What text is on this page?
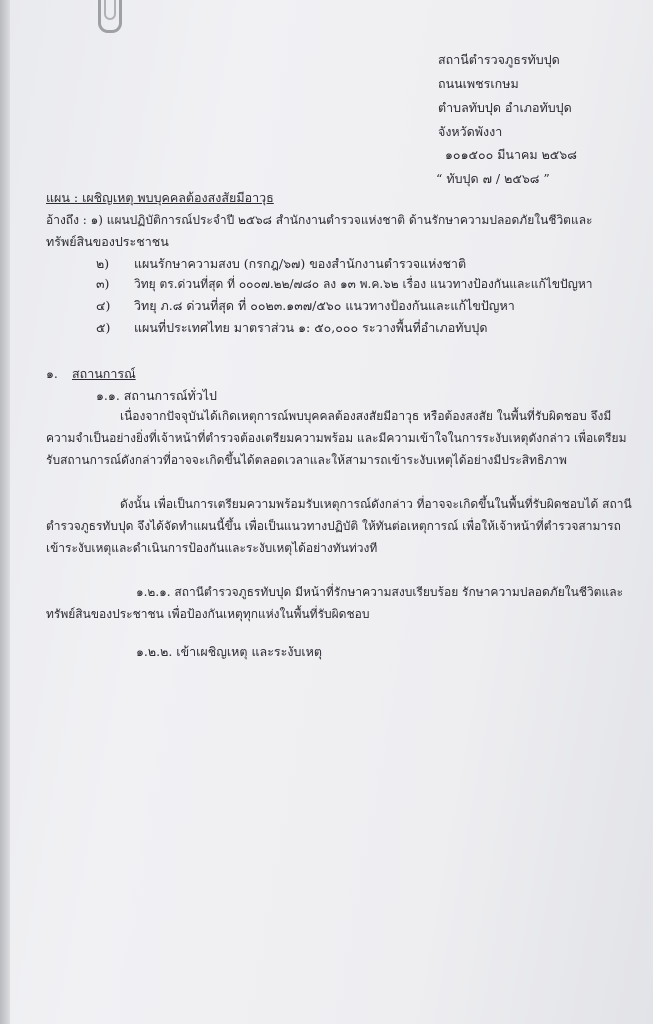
สถานีตำรวจภูธรทับปุด
ถนนเพชรเกษม
ตำบลทับปุด อำเภอทับปุด
จังหวัดพังงา
๑๐๑๕๐๐ มีนาคม ๒๕๖๘
“ ทับปุด ๗ / ๒๕๖๘ ”
แผน : เผชิญเหตุ พบบุคคลต้องสงสัยมีอาวุธ
อ้างถึง : ๑) แผนปฏิบัติการณ์ประจำปี ๒๕๖๘ สำนักงานตำรวจแห่งชาติ ด้านรักษาความปลอดภัยในชีวิตและ
ทรัพย์สินของประชาชน
๒) แผนรักษาความสงบ (กรกฎ/๖๗) ของสำนักงานตำรวจแห่งชาติ
๓) วิทยุ ตร.ด่วนที่สุด ที่ ๐๐๐๗.๒๒/๗๘๐ ลง ๑๓ พ.ค.๖๒ เรื่อง แนวทางป้องกันและแก้ไขปัญหา
๔) วิทยุ ภ.๘ ด่วนที่สุด ที่ ๐๐๒๓.๑๓๗/๕๖๐ แนวทางป้องกันและแก้ไขปัญหา
๕) แผนที่ประเทศไทย มาตราส่วน ๑: ๕๐,๐๐๐ ระวางพื้นที่อำเภอทับปุด
๑. สถานการณ์
๑.๑. สถานการณ์ทั่วไป
เนื่องจากปัจจุบันได้เกิดเหตุการณ์พบบุคคลต้องสงสัยมีอาวุธ หรือต้องสงสัย ในพื้นที่รับผิดชอบ จึงมี
ความจำเป็นอย่างยิ่งที่เจ้าหน้าที่ตำรวจต้องเตรียมความพร้อม และมีความเข้าใจในการระงับเหตุดังกล่าว เพื่อเตรียม
รับสถานการณ์ดังกล่าวที่อาจจะเกิดขึ้นได้ตลอดเวลาและให้สามารถเข้าระงับเหตุได้อย่างมีประสิทธิภาพ
ดังนั้น เพื่อเป็นการเตรียมความพร้อมรับเหตุการณ์ดังกล่าว ที่อาจจะเกิดขึ้นในพื้นที่รับผิดชอบได้ สถานี
ตำรวจภูธรทับปุด จึงได้จัดทำแผนนี้ขึ้น เพื่อเป็นแนวทางปฏิบัติ ให้ทันต่อเหตุการณ์ เพื่อให้เจ้าหน้าที่ตำรวจสามารถ
เข้าระงับเหตุและดำเนินการป้องกันและระงับเหตุได้อย่างทันท่วงที
๑.๒.๑. สถานีตำรวจภูธรทับปุด มีหน้าที่รักษาความสงบเรียบร้อย รักษาความปลอดภัยในชีวิตและ
ทรัพย์สินของประชาชน เพื่อป้องกันเหตุทุกแห่งในพื้นที่รับผิดชอบ
๑.๒.๒. เข้าเผชิญเหตุ และระงับเหตุ
